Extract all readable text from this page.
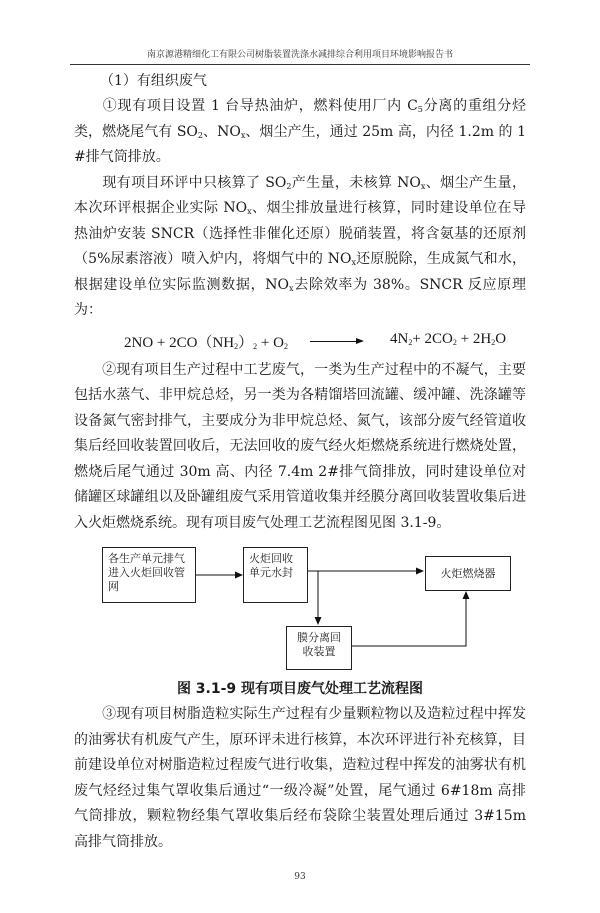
南京源港精细化工有限公司树脂装置洗涤水减排综合利用项目环境影响报告书
（1）有组织废气

①现有项目设置 1 台导热油炉，燃料使用厂内 $C_5$分离的重组分烃类，燃烧尾气有 $SO_2$、$NO_x$、烟尘产生，通过 25m 高，内径 1.2m 的 1#排气筒排放。

现有项目环评中只核算了 $SO_2$产生量，未核算 $NO_x$、烟尘产生量，本次环评根据企业实际 $NO_x$、烟尘排放量进行核算，同时建设单位在导热油炉安装 SNCR（选择性非催化还原）脱硝装置，将含氨基的还原剂（5%尿素溶液）喷入炉内，将烟气中的 $NO_x$还原脱除，生成氮气和水，根据建设单位实际监测数据，$NO_x$去除效率为 38%。SNCR 反应原理为：

$2NO + 2CO(NH_2)_2 + O_2$	$4N_2+ 2CO_2 + 2H_2O$

②现有项目生产过程中工艺废气，一类为生产过程中的不凝气，主要包括水蒸气、非甲烷总烃，另一类为各精馏塔回流罐、缓冲罐、洗涤罐等设备氮气密封排气，主要成分为非甲烷总烃、氮气，该部分废气经管道收集后经回收装置回收后，无法回收的废气经火炬燃烧系统进行燃烧处置，燃烧后尾气通过 30m 高、内径 7.4m 2#排气筒排放，同时建设单位对储罐区球罐组以及卧罐组废气采用管道收集并经膜分离回收装置收集后进入火炬燃烧系统。现有项目废气处理工艺流程图见图 3.1-9。

各生产单元排气进入火炬回收管网
火炬回收单元水封	火炬燃烧器
膜分离回收装置
图 3.1-9 现有项目废气处理工艺流程图

③现有项目树脂造粒实际生产过程有少量颗粒物以及造粒过程中挥发的油雾状有机废气产生，原环评未进行核算，本次环评进行补充核算，目前建设单位对树脂造粒过程废气进行收集，造粒过程中挥发的油雾状有机废气烃经过集气罩收集后通过“一级冷凝”处置，尾气通过 6#18m 高排气筒排放，颗粒物经集气罩收集后经布袋除尘装置处理后通过 3#15m 高排气筒排放。

93
